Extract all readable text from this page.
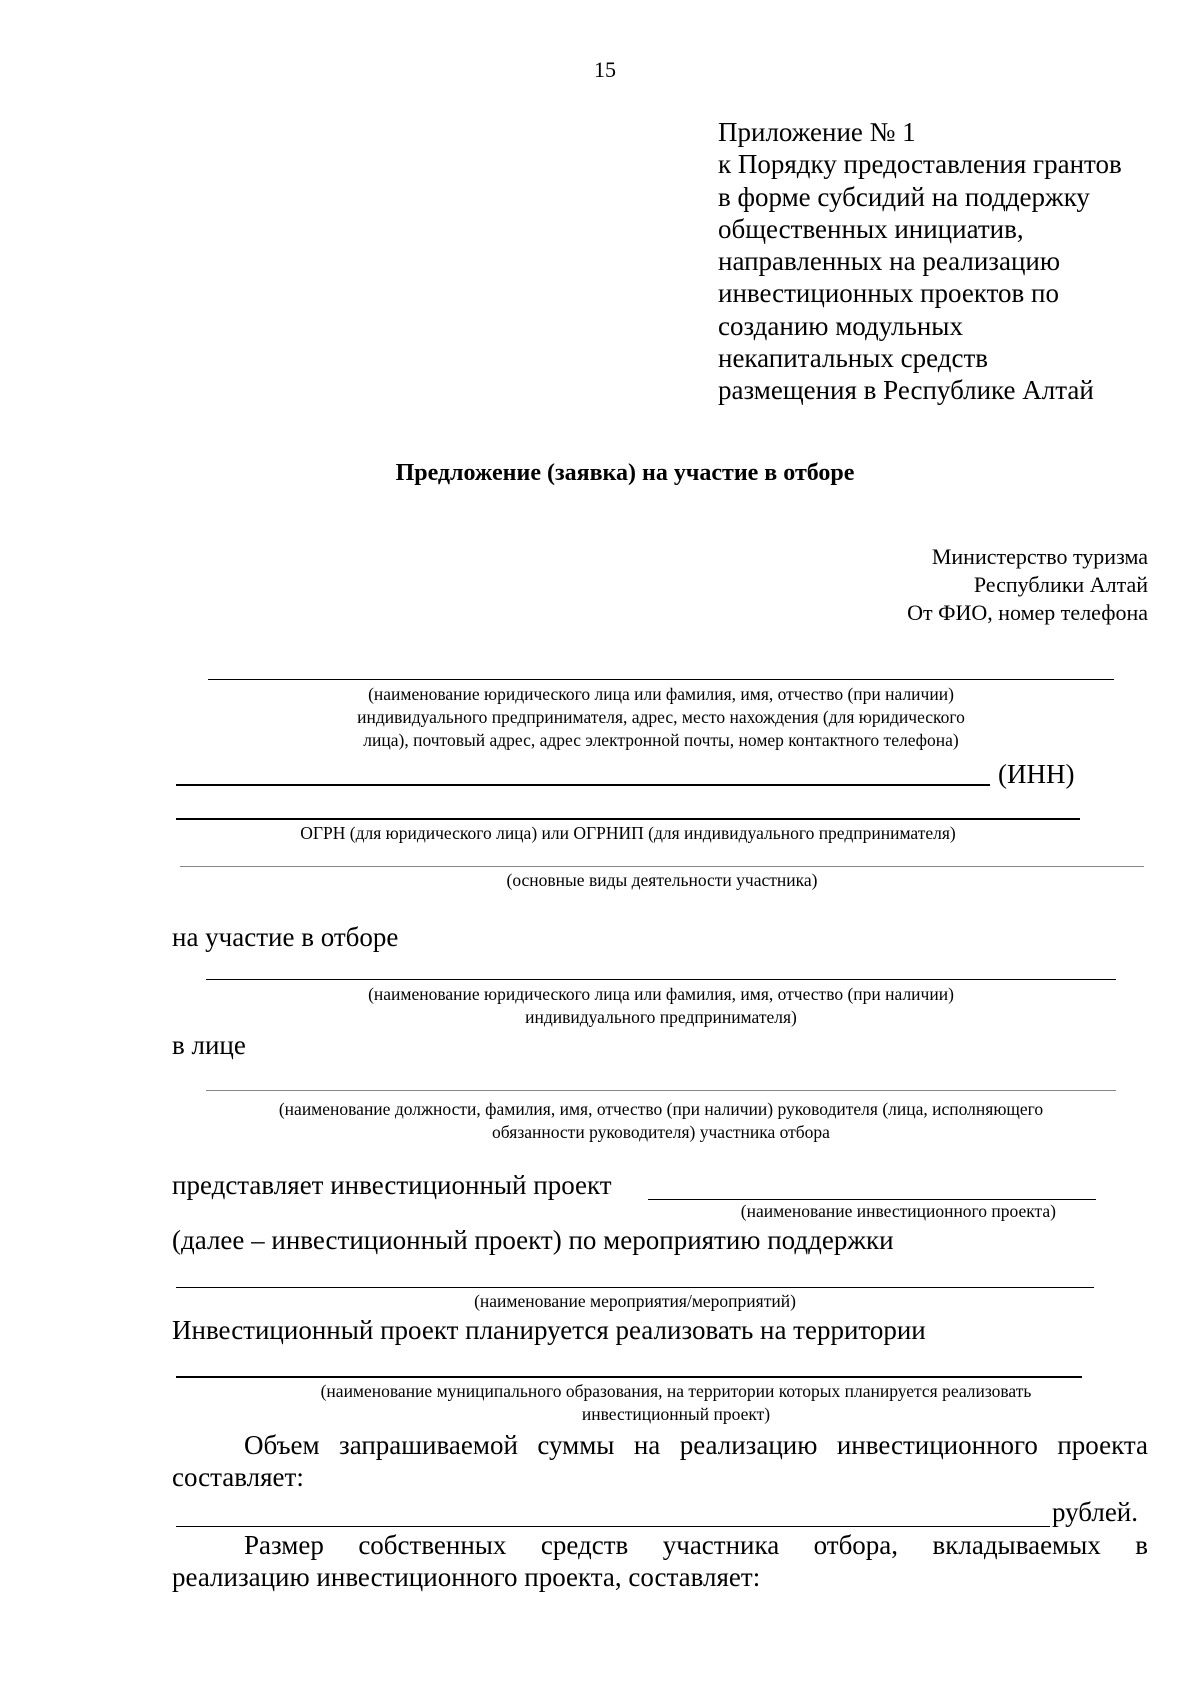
15
Приложение № 1
к Порядку предоставления грантов
в форме субсидий на поддержку
общественных инициатив,
направленных на реализацию
инвестиционных проектов по
созданию модульных
некапитальных средств
размещения в Республике Алтай
Предложение (заявка) на участие в отборе
Министерство туризма
Республики Алтай
От ФИО, номер телефона
(наименование юридического лица или фамилия, имя, отчество (при наличии)
индивидуального предпринимателя, адрес, место нахождения (для юридического
лица), почтовый адрес, адрес электронной почты, номер контактного телефона)
(ИНН)
ОГРН (для юридического лица) или ОГРНИП (для индивидуального предпринимателя)
(основные виды деятельности участника)
на участие в отборе
(наименование юридического лица или фамилия, имя, отчество (при наличии)
индивидуального предпринимателя)
в лице
(наименование должности, фамилия, имя, отчество (при наличии) руководителя (лица, исполняющего
обязанности руководителя) участника отбора
представляет инвестиционный проект
(наименование инвестиционного проекта)
(далее – инвестиционный проект) по мероприятию поддержки
(наименование мероприятия/мероприятий)
Инвестиционный проект планируется реализовать на территории
(наименование муниципального образования, на территории которых планируется реализовать
инвестиционный проект)
Объем запрашиваемой суммы на реализацию инвестиционного проекта
составляет:
рублей.
Размер собственных средств участника отбора, вкладываемых в
реализацию инвестиционного проекта, составляет:
